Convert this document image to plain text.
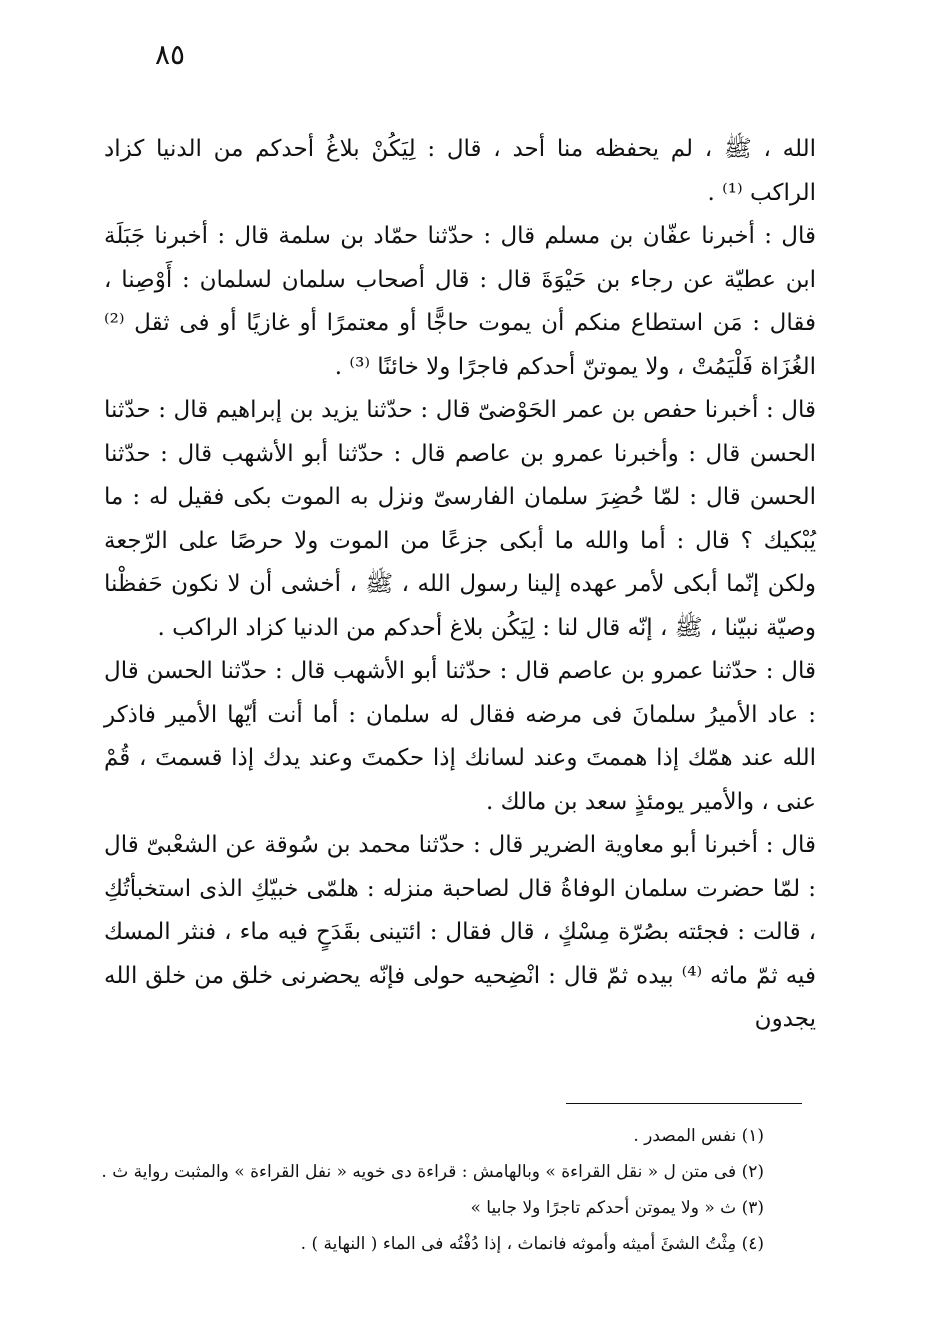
٨٥

الله ، ﷺ ، لم يحفظه منا أحد ، قال : لِيَكُنْ بلاغُ أحدكم من الدنيا كزاد الراكب ⁽¹⁾ .

قال : أخبرنا عفّان بن مسلم قال : حدّثنا حمّاد بن سلمة قال : أخبرنا جَبَلَة ابن عطيّة عن رجاء بن حَيْوَةَ قال : قال أصحاب سلمان لسلمان : أَوْصِنا ، فقال : مَن استطاع منكم أن يموت حاجًّا أو معتمرًا أو غازيًا أو فى ثقل ⁽²⁾ الغُزَاة فَلْيَمُتْ ، ولا يموتنّ أحدكم فاجرًا ولا خائنًا ⁽³⁾ .

قال : أخبرنا حفص بن عمر الحَوْضىّ قال : حدّثنا يزيد بن إبراهيم قال : حدّثنا الحسن قال : وأخبرنا عمرو بن عاصم قال : حدّثنا أبو الأشهب قال : حدّثنا الحسن قال : لمّا حُضِرَ سلمان الفارسىّ ونزل به الموت بكى فقيل له : ما يُبْكيك ؟ قال : أما والله ما أبكى جزعًا من الموت ولا حرصًا على الرّجعة ولكن إنّما أبكى لأمر عهده إلينا رسول الله ، ﷺ ، أخشى أن لا نكون حَفظْنا وصيّة نبيّنا ، ﷺ ، إنّه قال لنا : لِيَكُن بلاغ أحدكم من الدنيا كزاد الراكب .

قال : حدّثنا عمرو بن عاصم قال : حدّثنا أبو الأشهب قال : حدّثنا الحسن قال : عاد الأميرُ سلمانَ فى مرضه فقال له سلمان : أما أنت أيّها الأمير فاذكر الله عند همّك إذا هممتَ وعند لسانك إذا حكمتَ وعند يدك إذا قسمتَ ، قُمْ عنى ، والأمير يومئذٍ سعد بن مالك .

قال : أخبرنا أبو معاوية الضرير قال : حدّثنا محمد بن سُوقة عن الشعْبىّ قال : لمّا حضرت سلمان الوفاةُ قال لصاحبة منزله : هلمّى خبيّكِ الذى استخبأتُكِ ، قالت : فجئته بصُرّة مِسْكٍ ، قال فقال : ائتينى بقَدَحٍ فيه ماء ، فنثر المسك فيه ثمّ ماثه ⁽⁴⁾ بيده ثمّ قال : انْضِحيه حولى فإنّه يحضرنى خلق من خلق الله يجدون

(١) نفس المصدر .

(٢) فى متن ل « نقل القراءة » وبالهامش : قراءة دى خويه « نفل القراءة » والمثبت رواية ث .

(٣) ث « ولا يموتن أحدكم تاجرًا ولا جابيا »

(٤) مِثْتُ الشئَ أميثه وأموثه فانماث ، إذا دُفْتُه فى الماء ( النهاية ) .
